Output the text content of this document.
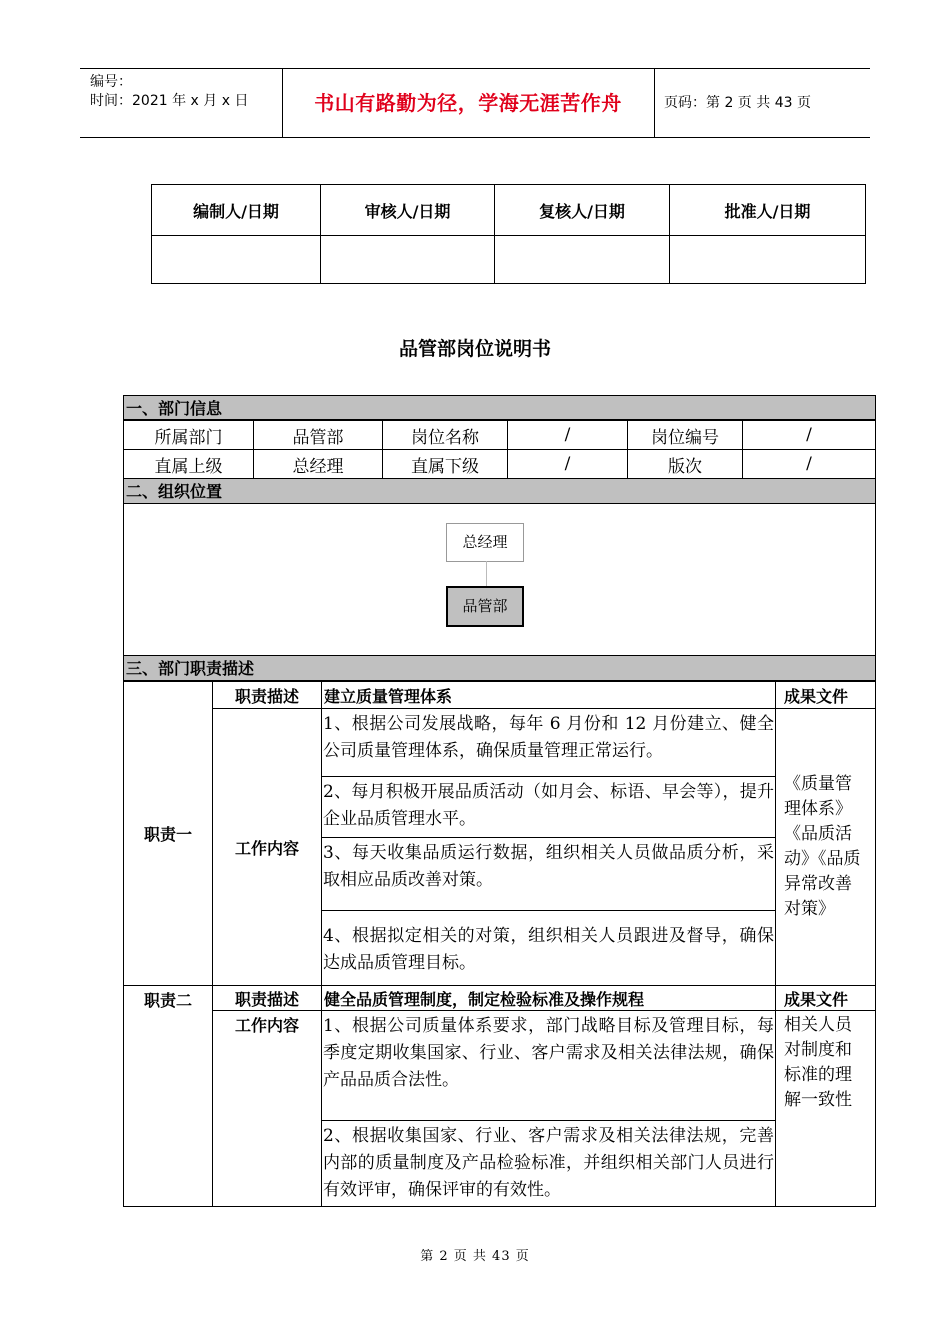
编号：
时间：2021 年 x 月 x 日	书山有路勤为径，学海无涯苦作舟	页码：第 2 页 共 43 页
编制人/日期	审核人/日期	复核人/日期	批准人/日期

品管部岗位说明书
一、部门信息
所属部门	品管部	岗位名称	/	岗位编号	/
直属上级	总经理	直属下级	/	版次	/
二、组织位置
总经理
品管部
三、部门职责描述
职责一	职责描述	建立质量管理体系	成果文件
	工作内容	1、根据公司发展战略，每年 6 月份和 12 月份建立、健全公司质量管理体系，确保质量管理正常运行。	《质量管理体系》《品质活动》《品质异常改善对策》
		2、每月积极开展品质活动（如月会、标语、早会等），提升企业品质管理水平。	
		3、每天收集品质运行数据，组织相关人员做品质分析，采取相应品质改善对策。	
		4、根据拟定相关的对策，组织相关人员跟进及督导，确保达成品质管理目标。	
职责二	职责描述	健全品质管理制度，制定检验标准及操作规程	成果文件
	工作内容	1、根据公司质量体系要求，部门战略目标及管理目标，每季度定期收集国家、行业、客户需求及相关法律法规，确保产品品质合法性。	相关人员对制度和标准的理解一致性
		2、根据收集国家、行业、客户需求及相关法律法规，完善内部的质量制度及产品检验标准，并组织相关部门人员进行有效评审，确保评审的有效性。	
第 2 页 共 43 页
